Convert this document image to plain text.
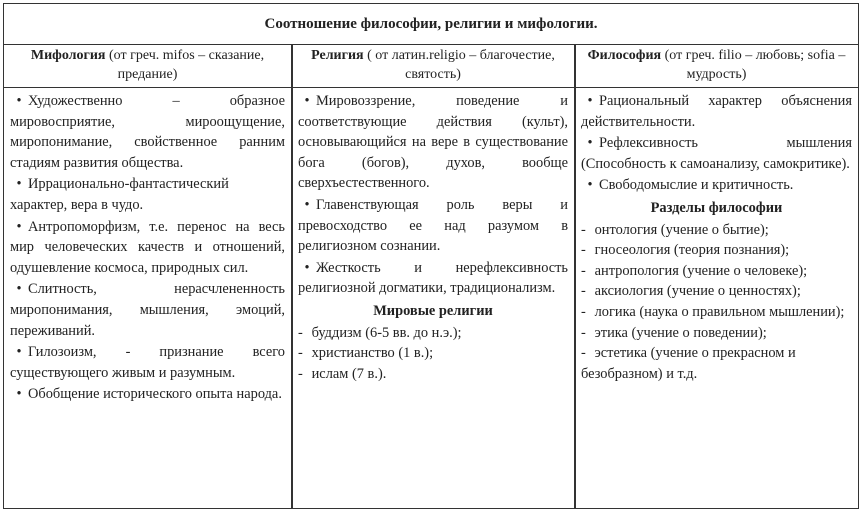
Соотношение философии, религии и мифологии.
Мифология (от греч. mifos – сказание, предание)
Религия ( от латин.religio – благочестие, святость)
Философия (от греч. filio – любовь; sofia – мудрость)
• Художественно – образное мировосприятие, мироощущение, миропонимание, свойственное ранним стадиям развития общества.
• Иррационально-фантастический характер, вера в чудо.
• Антропоморфизм, т.е. перенос на весь мир человеческих качеств и отношений, одушевление космоса, природных сил.
• Слитность, нерасчлененность миропонимания, мышления, эмоций, переживаний.
• Гилозоизм, - признание всего существующего живым и разумным.
• Обобщение исторического опыта народа.
• Мировоззрение, поведение и соответствующие действия (культ), основывающийся на вере в существование бога (богов), духов, вообще сверхъестественного.
• Главенствующая роль веры и превосходство ее над разумом в религиозном сознании.
• Жесткость и нерефлексивность религиозной догматики, традиционализм.
Мировые религии
- буддизм (6-5 вв. до н.э.);
- христианство (1 в.);
- ислам (7 в.).
• Рациональный характер объяснения действительности.
• Рефлексивность мышления (Способность к самоанализу, самокритике).
• Свободомыслие и критичность.
Разделы философии
- онтология (учение о бытие);
- гносеология (теория познания);
- антропология (учение о человеке);
- аксиология (учение о ценностях);
- логика (наука о правильном мышлении);
- этика (учение о поведении);
- эстетика (учение о прекрасном и безобразном) и т.д.
